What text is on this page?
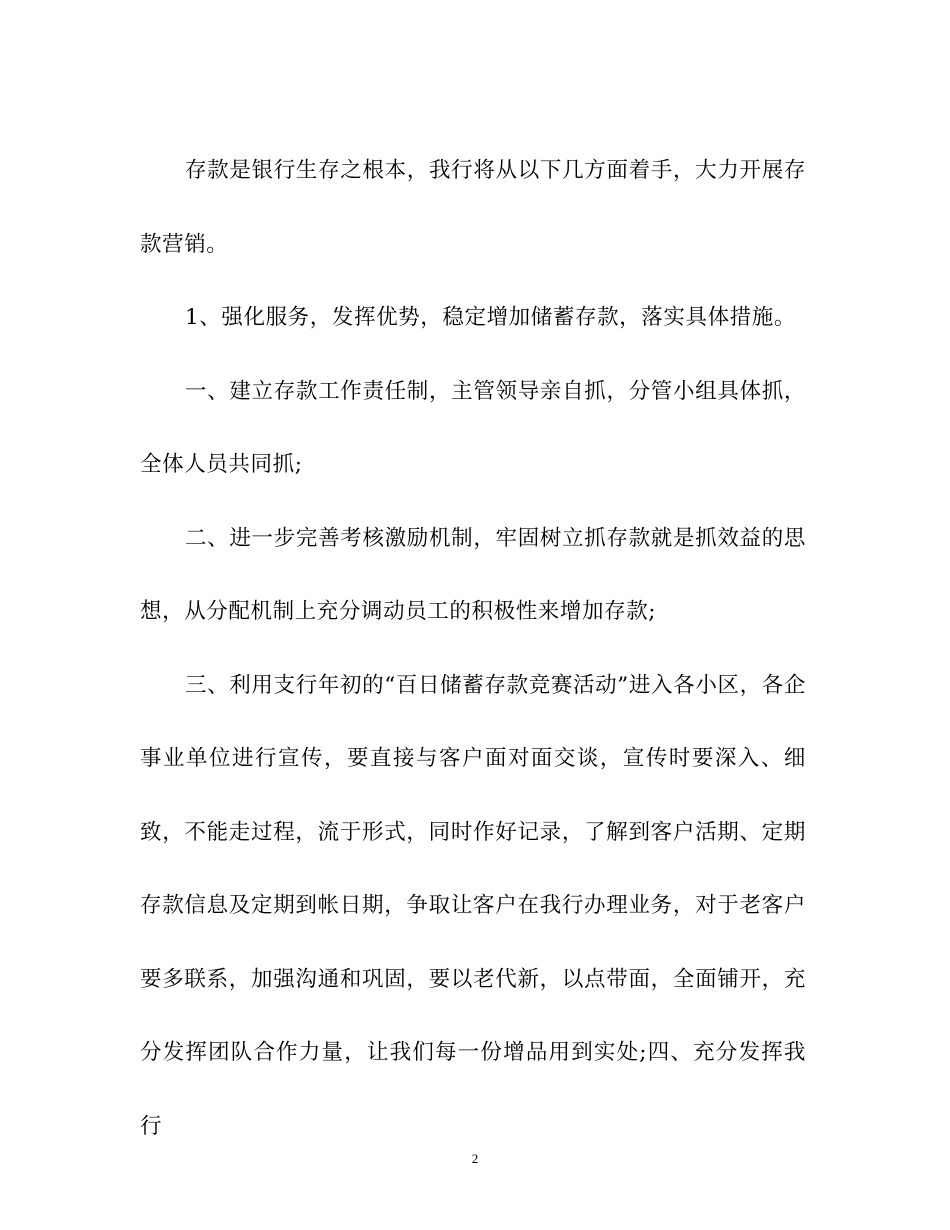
存款是银行生存之根本，我行将从以下几方面着手，大力开展存款营销。

1、强化服务，发挥优势，稳定增加储蓄存款，落实具体措施。

一、建立存款工作责任制，主管领导亲自抓，分管小组具体抓，全体人员共同抓;

二、进一步完善考核激励机制，牢固树立抓存款就是抓效益的思想，从分配机制上充分调动员工的积极性来增加存款;

三、利用支行年初的“百日储蓄存款竞赛活动”进入各小区，各企事业单位进行宣传，要直接与客户面对面交谈，宣传时要深入、细致，不能走过程，流于形式，同时作好记录，了解到客户活期、定期存款信息及定期到帐日期，争取让客户在我行办理业务，对于老客户要多联系，加强沟通和巩固，要以老代新，以点带面，全面铺开，充分发挥团队合作力量，让我们每一份增品用到实处;四、充分发挥我行

2
